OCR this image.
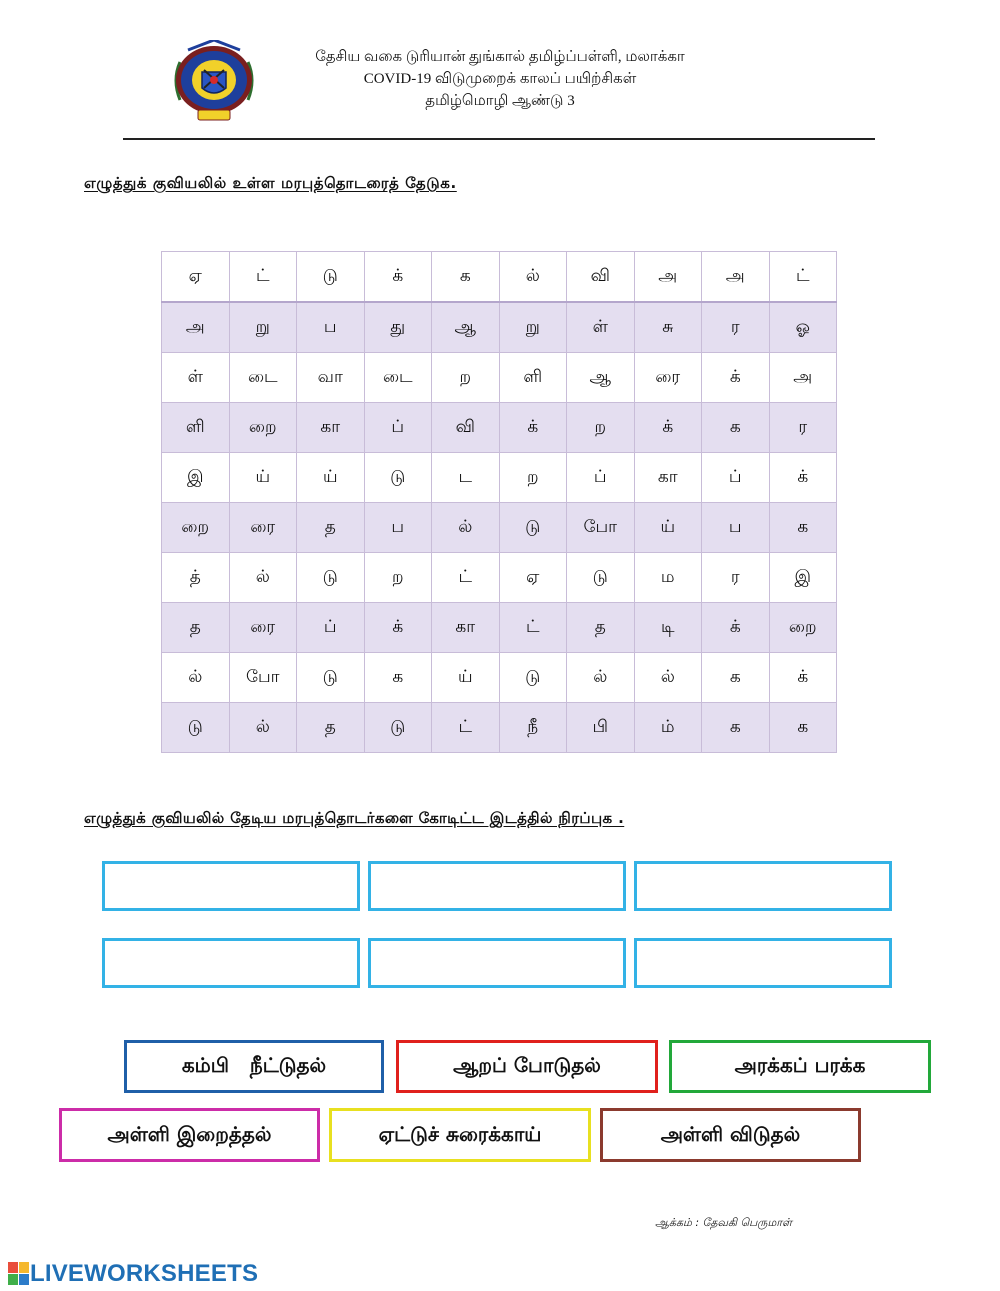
தேசிய வகை டுரியான் துங்கால் தமிழ்ப்பள்ளி, மலாக்கா
COVID-19 விடுமுறைக் காலப் பயிற்சிகள்
தமிழ்மொழி ஆண்டு 3
எழுத்துக் குவியலில் உள்ள மரபுத்தொடரைத் தேடுக.
ஏ	ட்	டு	க்	க	ல்	வி	அ	அ	ட்
அ	று	ப	து	ஆ	று	ள்	சு	ர	ஓ
ள்	டை	வா	டை	ற	ளி	ஆ	ரை	க்	அ
ளி	றை	கா	ப்	வி	க்	ற	க்	க	ர
இ	ய்	ய்	டு	ட	ற	ப்	கா	ப்	க்
றை	ரை	த	ப	ல்	டு	போ	ய்	ப	க
த்	ல்	டு	ற	ட்	ஏ	டு	ம	ர	இ
த	ரை	ப்	க்	கா	ட்	த	டி	க்	றை
ல்	போ	டு	க	ய்	டு	ல்	ல்	க	க்
டு	ல்	த	டு	ட்	நீ	பி	ம்	க	க
எழுத்துக் குவியலில் தேடிய மரபுத்தொடர்களை கோடிட்ட இடத்தில் நிரப்புக .
கம்பி   நீட்டுதல்	ஆறப் போடுதல்	அரக்கப் பரக்க
அள்ளி இறைத்தல்	ஏட்டுச் சுரைக்காய்	அள்ளி விடுதல்
ஆக்கம் : தேவகி பெருமாள்
LIVEWORKSHEETS
